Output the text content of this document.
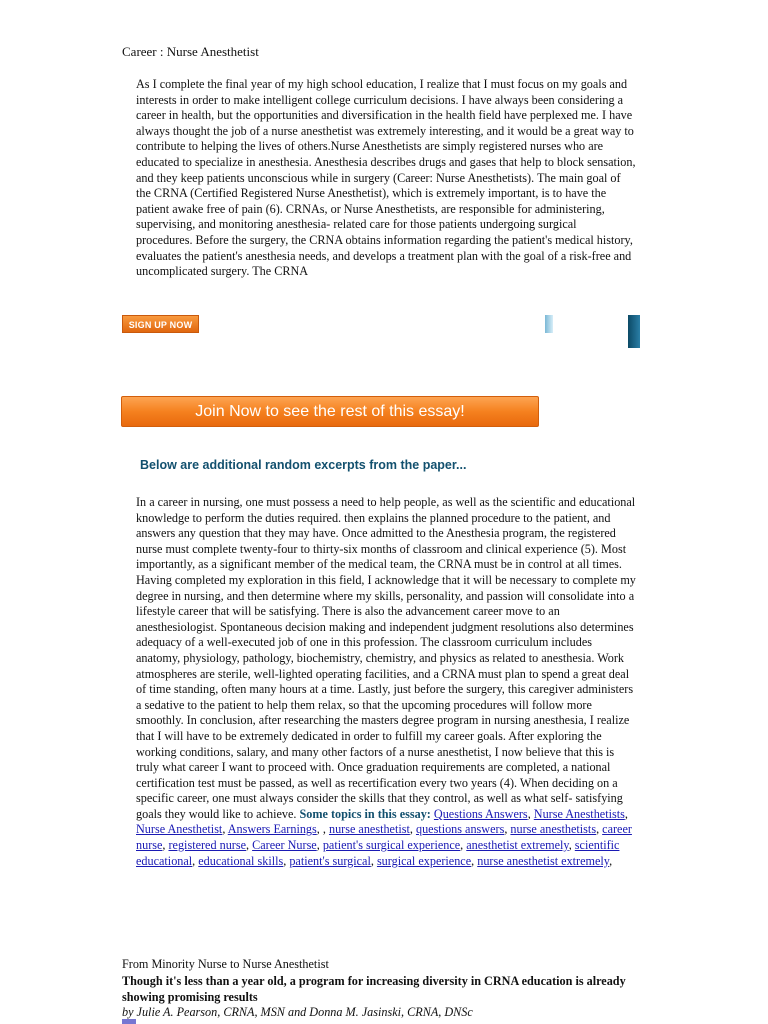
Career : Nurse Anesthetist

As I complete the final year of my high school education, I realize that I must focus on my goals and interests in order to make intelligent college curriculum decisions. I have always been considering a career in health, but the opportunities and diversification in the health field have perplexed me. I have always thought the job of a nurse anesthetist was extremely interesting, and it would be a great way to contribute to helping the lives of others.Nurse Anesthetists are simply registered nurses who are educated to specialize in anesthesia. Anesthesia describes drugs and gases that help to block sensation, and they keep patients unconscious while in surgery (Career: Nurse Anesthetists). The main goal of the CRNA (Certified Registered Nurse Anesthetist), which is extremely important, is to have the patient awake free of pain (6). CRNAs, or Nurse Anesthetists, are responsible for administering, supervising, and monitoring anesthesia- related care for those patients undergoing surgical procedures. Before the surgery, the CRNA obtains information regarding the patient's medical history, evaluates the patient's anesthesia needs, and develops a treatment plan with the goal of a risk-free and uncomplicated surgery. The CRNA

SIGN UP NOW
Join Now to see the rest of this essay!
Below are additional random excerpts from the paper...

In a career in nursing, one must possess a need to help people, as well as the scientific and educational knowledge to perform the duties required. then explains the planned procedure to the patient, and answers any question that they may have. Once admitted to the Anesthesia program, the registered nurse must complete twenty-four to thirty-six months of classroom and clinical experience (5). Most importantly, as a significant member of the medical team, the CRNA must be in control at all times. Having completed my exploration in this field, I acknowledge that it will be necessary to complete my degree in nursing, and then determine where my skills, personality, and passion will consolidate into a lifestyle career that will be satisfying. There is also the advancement career move to an anesthesiologist. Spontaneous decision making and independent judgment resolutions also determines adequacy of a well-executed job of one in this profession. The classroom curriculum includes anatomy, physiology, pathology, biochemistry, chemistry, and physics as related to anesthesia. Work atmospheres are sterile, well-lighted operating facilities, and a CRNA must plan to spend a great deal of time standing, often many hours at a time. Lastly, just before the surgery, this caregiver administers a sedative to the patient to help them relax, so that the upcoming procedures will follow more smoothly. In conclusion, after researching the masters degree program in nursing anesthesia, I realize that I will have to be extremely dedicated in order to fulfill my career goals. After exploring the working conditions, salary, and many other factors of a nurse anesthetist, I now believe that this is truly what career I want to proceed with. Once graduation requirements are completed, a national certification test must be passed, as well as recertification every two years (4). When deciding on a specific career, one must always consider the skills that they control, as well as what self- satisfying goals they would like to achieve. Some topics in this essay: Questions Answers, Nurse Anesthetists, Nurse Anesthetist, Answers Earnings, , nurse anesthetist, questions answers, nurse anesthetists, career nurse, registered nurse, Career Nurse, patient's surgical experience, anesthetist extremely, scientific educational, educational skills, patient's surgical, surgical experience, nurse anesthetist extremely,

From Minority Nurse to Nurse Anesthetist
Though it's less than a year old, a program for increasing diversity in CRNA education is already showing promising results
by Julie A. Pearson, CRNA, MSN and Donna M. Jasinski, CRNA, DNSc
